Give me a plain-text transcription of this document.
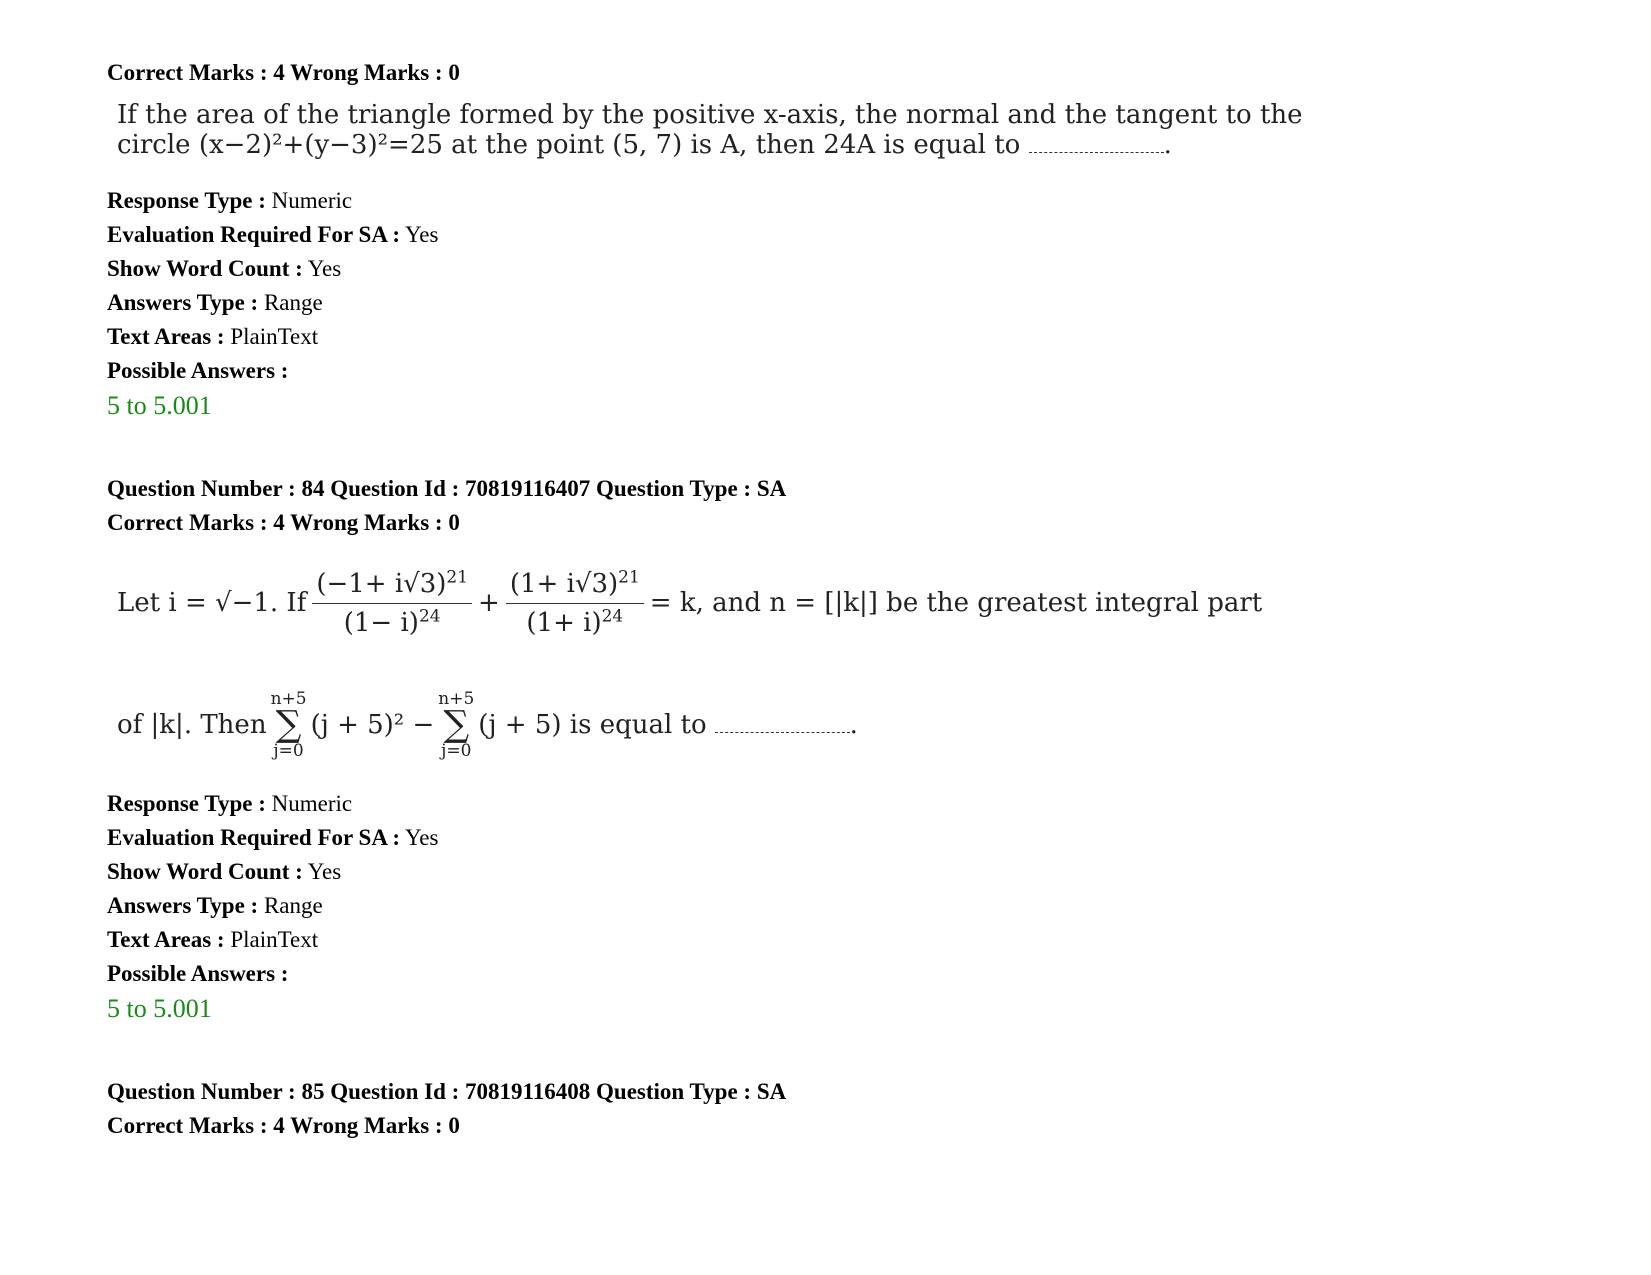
Correct Marks : 4 Wrong Marks : 0
If the area of the triangle formed by the positive x-axis, the normal and the tangent to the
circle (x−2)²+(y−3)²=25 at the point (5, 7) is A, then 24A is equal to	.
Response Type : Numeric
Evaluation Required For SA : Yes
Show Word Count : Yes
Answers Type : Range
Text Areas : PlainText
Possible Answers :
5 to 5.001
Question Number : 84 Question Id : 70819116407 Question Type : SA
Correct Marks : 4 Wrong Marks : 0
Let i = √−1. If $\frac{(-1+ i√3)^{21}}{(1- i)^{24}} + \frac{(1+ i√3)^{21}}{(1+ i)^{24}} = k$, and n = [|k|] be the greatest integral part
of |k|. Then
n+5
∑
j=0
(j + 5)² −
n+5
∑
j=0
(j + 5) is equal to	.
Response Type : Numeric
Evaluation Required For SA : Yes
Show Word Count : Yes
Answers Type : Range
Text Areas : PlainText
Possible Answers :
5 to 5.001
Question Number : 85 Question Id : 70819116408 Question Type : SA
Correct Marks : 4 Wrong Marks : 0
